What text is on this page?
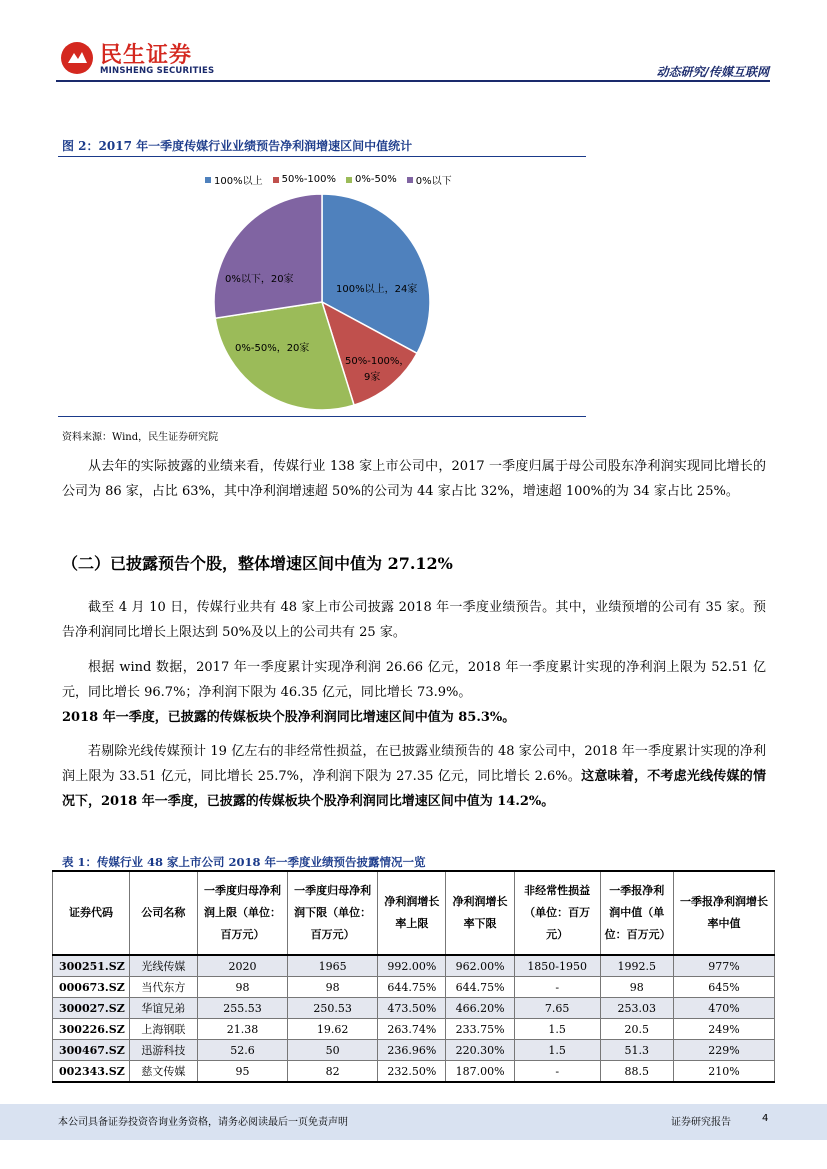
民生证券
MINSHENG SECURITIES	动态研究/传媒互联网
图 2：2017 年一季度传媒行业业绩预告净利润增速区间中值统计
100%以上 50%-100% 0%-50% 0%以下
100%以上，24家
50%-100%，
9家
0%-50%，20家
0%以下，20家
资料来源：Wind，民生证券研究院

从去年的实际披露的业绩来看，传媒行业 138 家上市公司中，2017 一季度归属于母公司股东净利润实现同比增长的公司为 86 家，占比 63%，其中净利润增速超 50%的公司为 44 家占比 32%，增速超 100%的为 34 家占比 25%。

（二）已披露预告个股，整体增速区间中值为 27.12%

截至 4 月 10 日，传媒行业共有 48 家上市公司披露 2018 年一季度业绩预告。其中，业绩预增的公司有 35 家。预告净利润同比增长上限达到 50%及以上的公司共有 25 家。

根据 wind 数据，2017 年一季度累计实现净利润 26.66 亿元，2018 年一季度累计实现的净利润上限为 52.51 亿元，同比增长 96.7%；净利润下限为 46.35 亿元，同比增长 73.9%。

2018 年一季度，已披露的传媒板块个股净利润同比增速区间中值为 85.3%。

若剔除光线传媒预计 19 亿左右的非经常性损益，在已披露业绩预告的 48 家公司中，2018 年一季度累计实现的净利润上限为 33.51 亿元，同比增长 25.7%，净利润下限为 27.35 亿元，同比增长 2.6%。这意味着，不考虑光线传媒的情况下，2018 年一季度，已披露的传媒板块个股净利润同比增速区间中值为 14.2%。

表 1：传媒行业 48 家上市公司 2018 年一季度业绩预告披露情况一览
证券代码	公司名称	一季度归母净利润上限（单位：百万元）	一季度归母净利润下限（单位：百万元）	净利润增长率上限	净利润增长率下限	非经常性损益（单位：百万元）	一季报净利润中值（单位：百万元）	一季报净利润增长率中值
300251.SZ	光线传媒	2020	1965	992.00%	962.00%	1850-1950	1992.5	977%
000673.SZ	当代东方	98	98	644.75%	644.75%	-	98	645%
300027.SZ	华谊兄弟	255.53	250.53	473.50%	466.20%	7.65	253.03	470%
300226.SZ	上海钢联	21.38	19.62	263.74%	233.75%	1.5	20.5	249%
300467.SZ	迅游科技	52.6	50	236.96%	220.30%	1.5	51.3	229%
002343.SZ	慈文传媒	95	82	232.50%	187.00%	-	88.5	210%
本公司具备证券投资咨询业务资格，请务必阅读最后一页免责声明	证券研究报告	4
